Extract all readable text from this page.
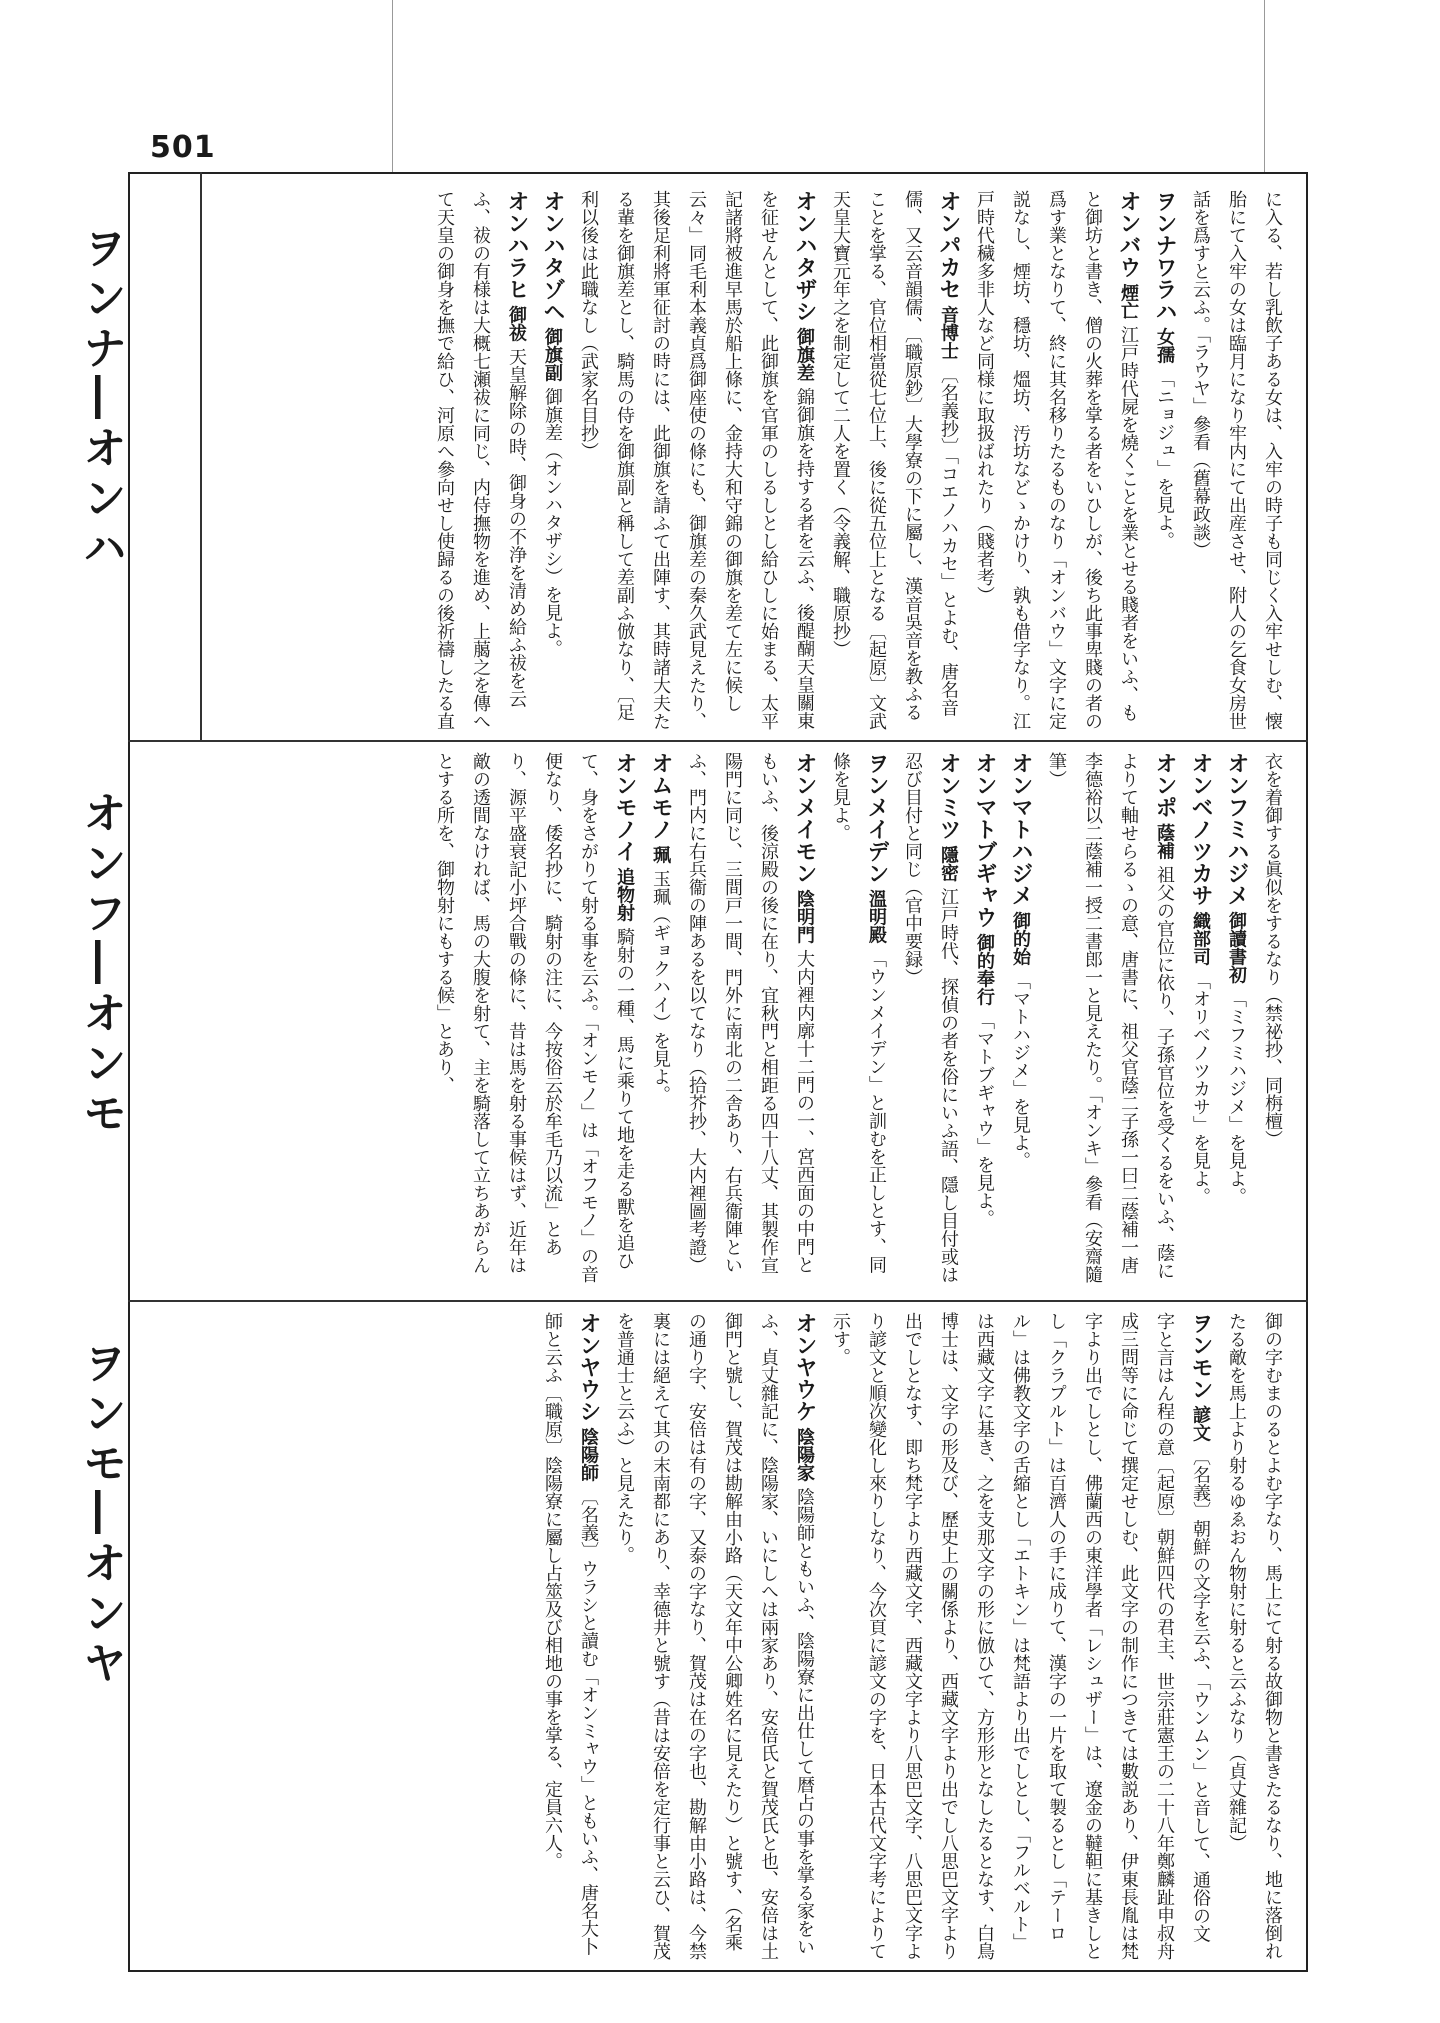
501
ヲンナ―オンハ
オンフ―オンモ
ヲンモ―オンヤ
に入る、若し乳飲子ある女は、入牢の時子も同じく入牢せしむ、懐胎にて入牢の女は臨月になり牢内にて出産させ、附人の乞食女房世話を爲すと云ふ。「ラウヤ」參看（舊幕政談）
ヲンナワラハ 女孺 「ニョジュ」を見よ。
オンバウ 煙亡 江戸時代屍を燒くことを業とせる賤者をいふ、もと御坊と書き、僧の火葬を掌る者をいひしが、後ち此事卑賤の者の爲す業となりて、終に其名移りたるものなり「オンバウ」文字に定説なし、煙坊、穩坊、熅坊、汚坊などゝかけり、孰も借字なり。江戸時代穢多非人など同様に取扱ばれたり（賤者考）
オンパカセ 音博士 〔名義抄〕「コエノハカセ」とよむ、唐名音儒、又云音韻儒、〔職原鈔〕大學寮の下に屬し、漢音吳音を教ふることを掌る、官位相當從七位上、後に從五位上となる〔起原〕文武天皇大寶元年之を制定して二人を置く（令義解、職原抄）
オンハタザシ 御旗差 錦御旗を持する者を云ふ、後醍醐天皇關東を征せんとして、此御旗を官軍のしるしとし給ひしに始まる、太平記諸將被進早馬於船上條に、金持大和守錦の御旗を差て左に候し云々」同毛利本義貞爲御座使の條にも、御旗差の秦久武見えたり、其後足利將軍征討の時には、此御旗を請ふて出陣す、其時諸大夫たる輩を御旗差とし、騎馬の侍を御旗副と稱して差副ふ倣なり、〔足利以後は此職なし（武家名目抄）
オンハタゾヘ 御旗副 御旗差（オンハタザシ）を見よ。
オンハラヒ 御祓 天皇解除の時、御身の不浄を清め給ふ祓を云ふ、祓の有様は大概七瀬祓に同じ、内侍撫物を進め、上﨟之を傳へて天皇の御身を撫で給ひ、河原へ參向せし使歸るの後祈禱したる直
衣を着御する眞似をするなり（禁祕抄、同栴檀）
オンフミハジメ 御讀書初 「ミフミハジメ」を見よ。
オンベノツカサ 織部司 「オリベノツカサ」を見よ。
オンポ 蔭補 祖父の官位に依り、子孫官位を受くるをいふ、蔭によりて軸せらるゝの意、唐書に、祖父官蔭二子孫一曰二蔭補一唐李德裕以二蔭補一授二書郎一と見えたり。「オンキ」參看（安齋隨筆）
オンマトハジメ 御的始 「マトハジメ」を見よ。
オンマトブギャウ 御的奉行 「マトブギャウ」を見よ。
オンミツ 隱密 江戸時代、探偵の者を俗にいふ語、隱し目付或は忍び目付と同じ（官中要録）
ヲンメイデン 溫明殿 「ウンメイデン」と訓むを正しとす、同條を見よ。
オンメイモン 陰明門 大内裡内廓十二門の一、宮西面の中門ともいふ、後涼殿の後に在り、宜秋門と相距る四十八丈、其製作宣陽門に同じ、三間戸一間、門外に南北の二舎あり、右兵衞陣といふ、門内に右兵衞の陣あるを以てなり（拾芥抄、大内裡圖考證）
オムモノ 珮 玉珮（ギョクハイ）を見よ。
オンモノイ 追物射 騎射の一種、馬に乘りて地を走る獸を追ひて、身をさがりて射る事を云ふ。「オンモノ」は「オフモノ」の音便なり、倭名抄に、騎射の注に、今按俗云於牟毛乃以流」とあり、源平盛衰記小坪合戰の條に、昔は馬を射る事候はず、近年は敵の透間なければ、馬の大腹を射て、主を騎落して立ちあがらんとする所を、御物射にもする候」とあり、
御の字むまのるとよむ字なり、馬上にて射る故御物と書きたるなり、地に落倒れたる敵を馬上より射るゆゑおん物射に射ると云ふなり（貞丈雜記）
ヲンモン 諺文 〔名義〕朝鮮の文字を云ふ、「ウンムン」と音して、通俗の文字と言はん程の意〔起原〕朝鮮四代の君主、世宗莊憲王の二十八年鄭麟趾申叔舟成三問等に命じて撰定せしむ、此文字の制作につきては數説あり、伊東長胤は梵字より出でしとし、佛蘭西の東洋學者「レシュザー」は、遼金の韃靼に基きしとし「クラプルト」は百濟人の手に成りて、漢字の一片を取て製るとし「テーロル」は佛教文字の舌縮とし「エトキン」は梵語より出でしとし、「フルベルト」は西藏文字に基き、之を支那文字の形に倣ひて、方形形となしたるとなす、白鳥博士は、文字の形及び、歷史上の關係より、西藏文字より出でし八思巴文字より出でしとなす、即ち梵字より西藏文字、西藏文字より八思巴文字、八思巴文字より諺文と順次變化し來りしなり、今次頁に諺文の字を、日本古代文字考によりて示す。
オンヤウケ 陰陽家 陰陽師ともいふ、陰陽寮に出仕して暦占の事を掌る家をいふ、貞丈雜記に、陰陽家、いにしへは兩家あり、安倍氏と賀茂氏と也、安倍は土御門と號し、賀茂は勘解由小路（天文年中公卿姓名に見えたり）と號す、（名乘の通り字、安倍は有の字、又泰の字なり、賀茂は在の字也、勘解由小路は、今禁裏には絕えて其の末南都にあり、幸德井と號す（昔は安倍を定行事と云ひ、賀茂を普通士と云ふ）と見えたり。
オンヤウシ 陰陽師 〔名義〕ウラシと讀む「オンミャウ」ともいふ、唐名大卜師と云ふ〔職原〕陰陽寮に屬し占筮及び相地の事を掌る、定員六人。
